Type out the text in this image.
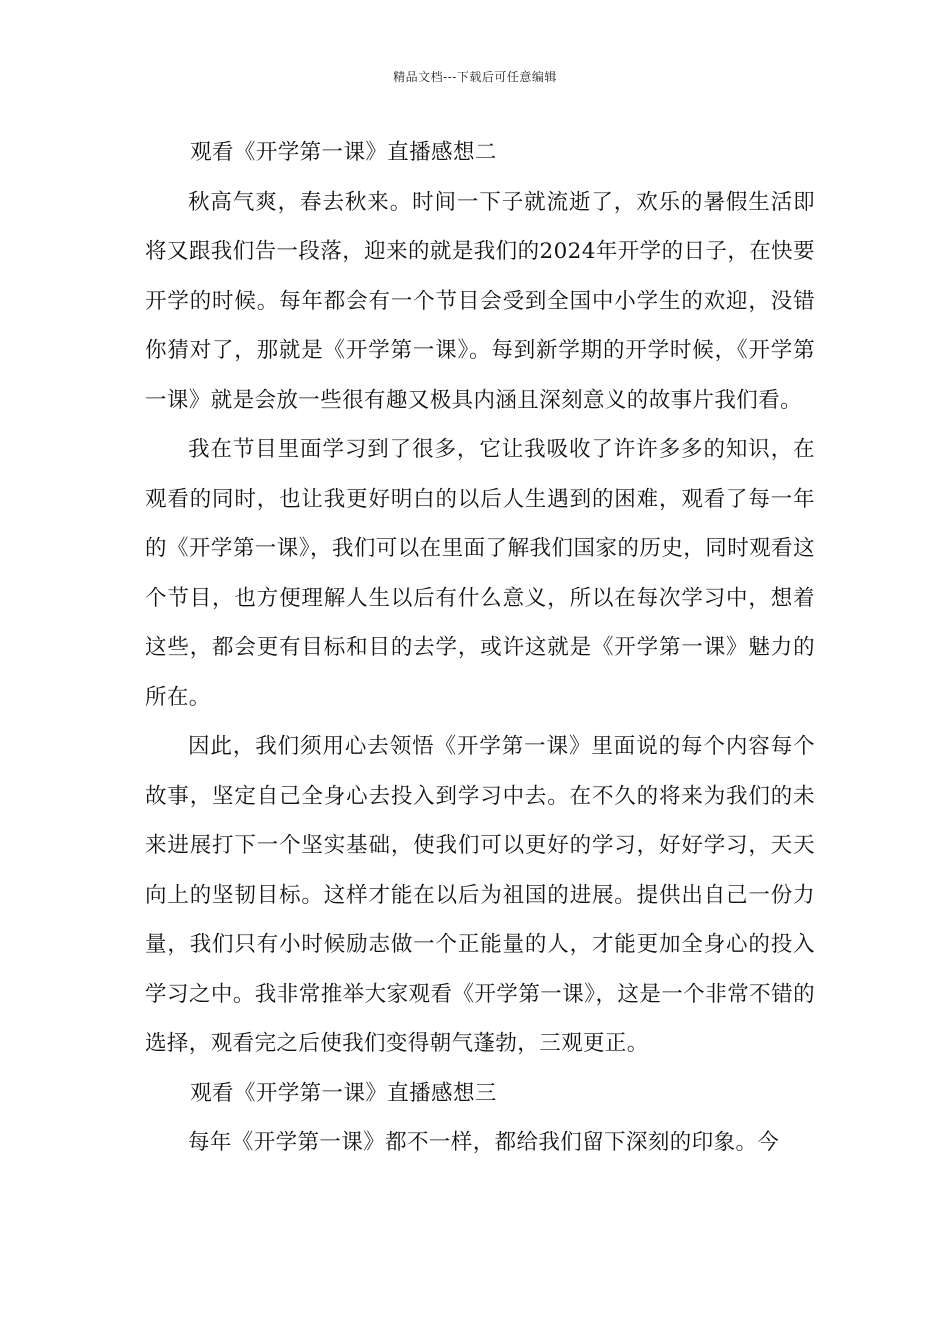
精品文档---下载后可任意编辑

观看《开学第一课》直播感想二

秋高气爽，春去秋来。时间一下子就流逝了，欢乐的暑假生活即将又跟我们告一段落，迎来的就是我们的2024年开学的日子，在快要开学的时候。每年都会有一个节目会受到全国中小学生的欢迎，没错你猜对了，那就是《开学第一课》。每到新学期的开学时候，《开学第一课》就是会放一些很有趣又极具内涵且深刻意义的故事片我们看。

我在节目里面学习到了很多，它让我吸收了许许多多的知识，在观看的同时，也让我更好明白的以后人生遇到的困难，观看了每一年的《开学第一课》，我们可以在里面了解我们国家的历史，同时观看这个节目，也方便理解人生以后有什么意义，所以在每次学习中，想着这些，都会更有目标和目的去学，或许这就是《开学第一课》魅力的所在。

因此，我们须用心去领悟《开学第一课》里面说的每个内容每个故事，坚定自己全身心去投入到学习中去。在不久的将来为我们的未来进展打下一个坚实基础，使我们可以更好的学习，好好学习，天天向上的坚韧目标。这样才能在以后为祖国的进展。提供出自己一份力量，我们只有小时候励志做一个正能量的人，才能更加全身心的投入学习之中。我非常推举大家观看《开学第一课》，这是一个非常不错的选择，观看完之后使我们变得朝气蓬勃，三观更正。

观看《开学第一课》直播感想三

每年《开学第一课》都不一样，都给我们留下深刻的印象。今
